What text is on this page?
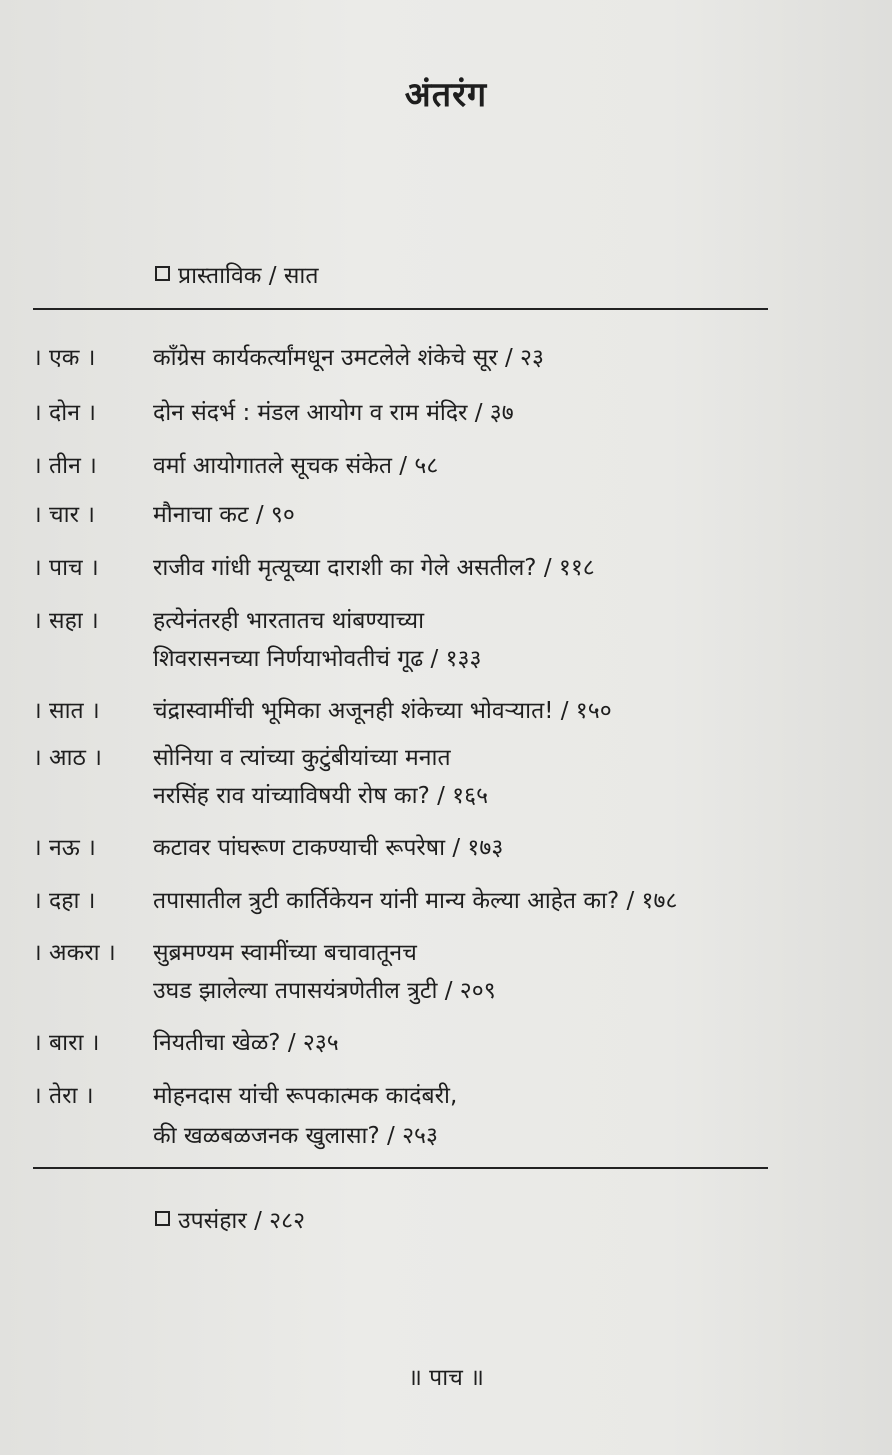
अंतरंग
प्रास्ताविक / सात
। एक ।	काँग्रेस कार्यकर्त्यांमधून उमटलेले शंकेचे सूर / २३
। दोन । दोन संदर्भ : मंडल आयोग व राम मंदिर / ३७
। तीन । वर्मा आयोगातले सूचक संकेत / ५८
। चार ।	मौनाचा कट / ९०
। पाच । राजीव गांधी मृत्यूच्या दाराशी का गेले असतील? / ११८
। सहा । हत्येनंतरही भारतातच थांबण्याच्या
शिवरासनच्या निर्णयाभोवतीचं गूढ / १३३
। सात । चंद्रास्वामींची भूमिका अजूनही शंकेच्या भोवऱ्यात! / १५०
। आठ । सोनिया व त्यांच्या कुटुंबीयांच्या मनात
नरसिंह राव यांच्याविषयी रोष का? / १६५
। नऊ । कटावर पांघरूण टाकण्याची रूपरेषा / १७३
। दहा ।	तपासातील त्रुटी कार्तिकेयन यांनी मान्य केल्या आहेत का? / १७८
। अकरा । सुब्रमण्यम स्वामींच्या बचावातूनच
उघड झालेल्या तपासयंत्रणेतील त्रुटी / २०९
। बारा । नियतीचा खेळ? / २३५
। तेरा ।	मोहनदास यांची रूपकात्मक कादंबरी,
की खळबळजनक खुलासा? / २५३
उपसंहार / २८२
॥ पाच ॥
